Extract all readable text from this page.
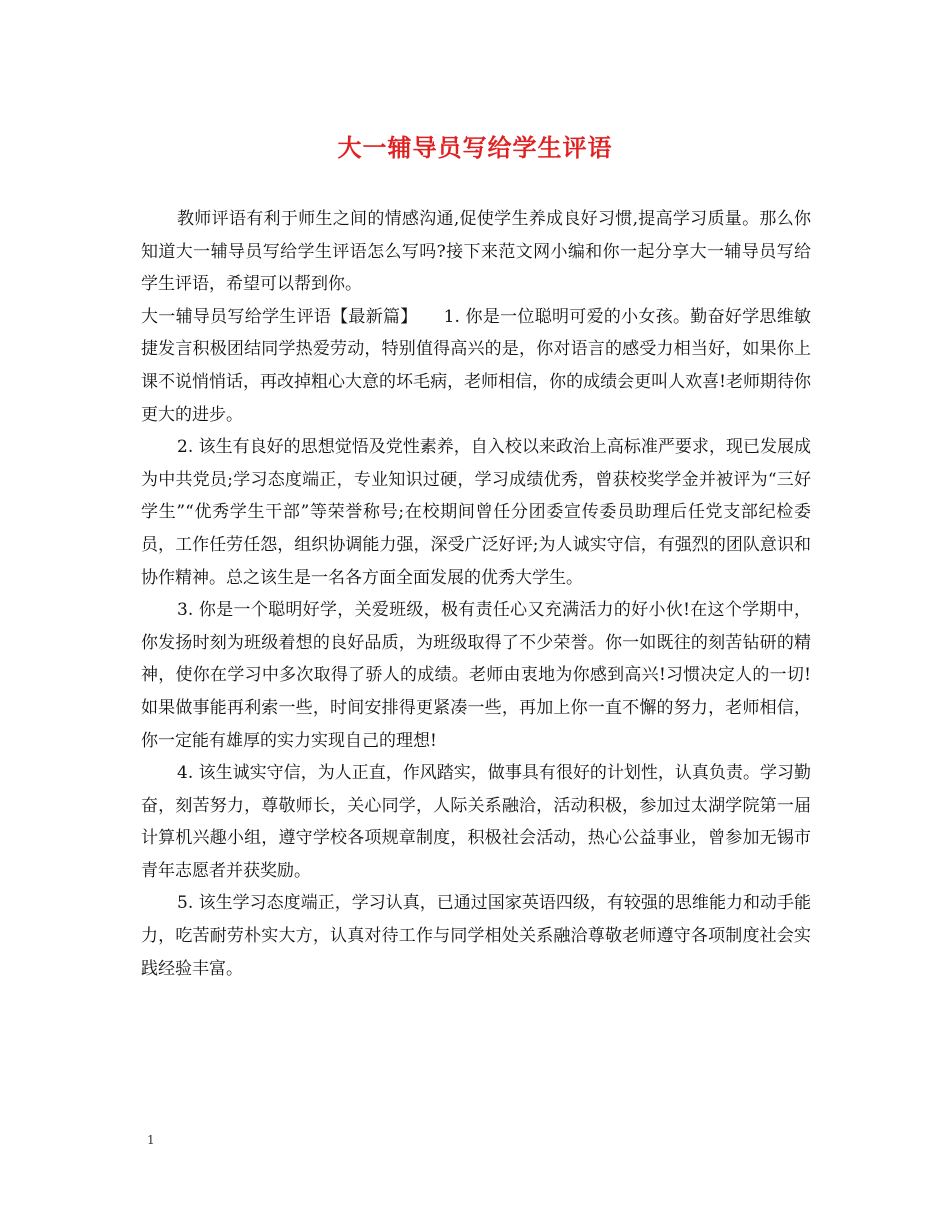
大一辅导员写给学生评语

教师评语有利于师生之间的情感沟通,促使学生养成良好习惯,提高学习质量。那么你知道大一辅导员写给学生评语怎么写吗?接下来范文网小编和你一起分享大一辅导员写给学生评语，希望可以帮到你。

大一辅导员写给学生评语【最新篇】　　1. 你是一位聪明可爱的小女孩。勤奋好学思维敏捷发言积极团结同学热爱劳动，特别值得高兴的是，你对语言的感受力相当好，如果你上课不说悄悄话，再改掉粗心大意的坏毛病，老师相信，你的成绩会更叫人欢喜!老师期待你更大的进步。

2. 该生有良好的思想觉悟及党性素养，自入校以来政治上高标准严要求，现已发展成为中共党员;学习态度端正，专业知识过硬，学习成绩优秀，曾获校奖学金并被评为“三好学生”“优秀学生干部”等荣誉称号;在校期间曾任分团委宣传委员助理后任党支部纪检委员，工作任劳任怨，组织协调能力强，深受广泛好评;为人诚实守信，有强烈的团队意识和协作精神。总之该生是一名各方面全面发展的优秀大学生。

3. 你是一个聪明好学，关爱班级，极有责任心又充满活力的好小伙!在这个学期中，你发扬时刻为班级着想的良好品质，为班级取得了不少荣誉。你一如既往的刻苦钻研的精神，使你在学习中多次取得了骄人的成绩。老师由衷地为你感到高兴!习惯决定人的一切!如果做事能再利索一些，时间安排得更紧凑一些，再加上你一直不懈的努力，老师相信，你一定能有雄厚的实力实现自己的理想!

4. 该生诚实守信，为人正直，作风踏实，做事具有很好的计划性，认真负责。学习勤奋，刻苦努力，尊敬师长，关心同学，人际关系融洽，活动积极，参加过太湖学院第一届计算机兴趣小组，遵守学校各项规章制度，积极社会活动，热心公益事业，曾参加无锡市青年志愿者并获奖励。

5. 该生学习态度端正，学习认真，已通过国家英语四级，有较强的思维能力和动手能力，吃苦耐劳朴实大方，认真对待工作与同学相处关系融洽尊敬老师遵守各项制度社会实践经验丰富。

1
